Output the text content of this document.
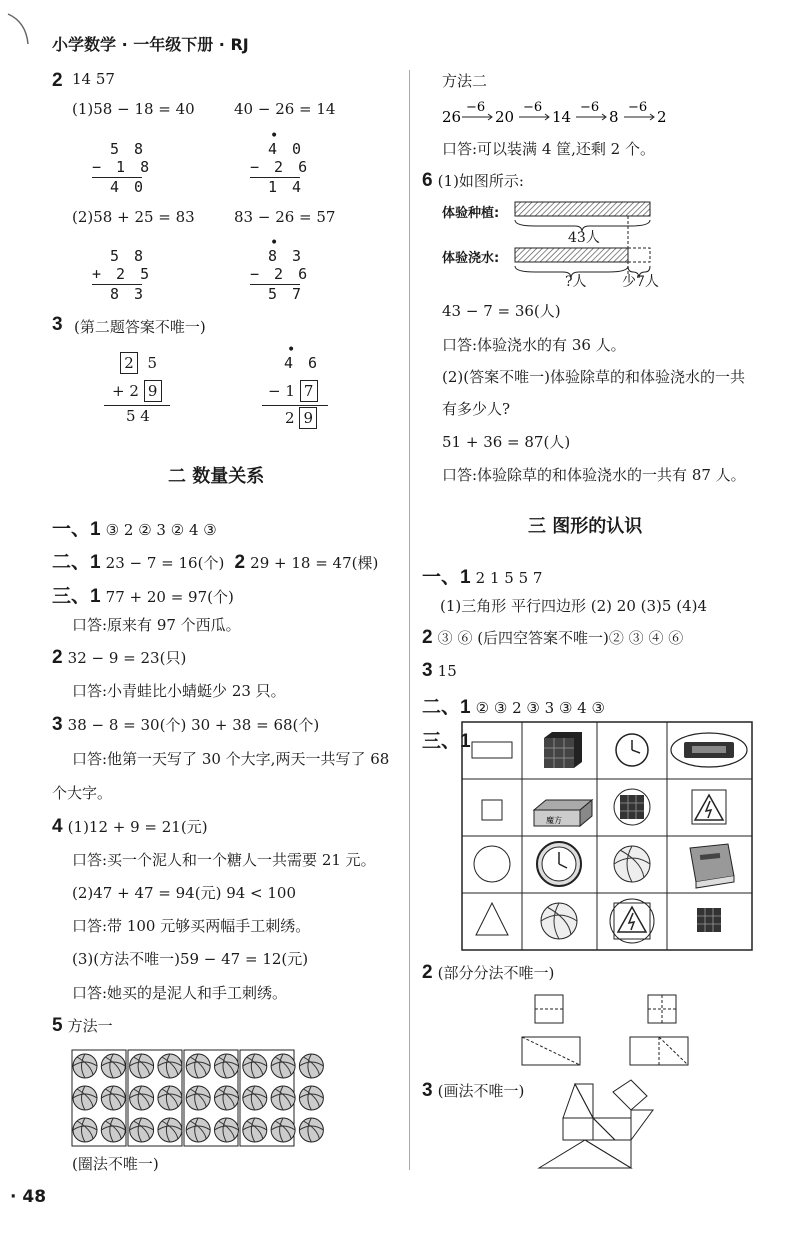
小学数学 · 一年级下册 · RJ
· 48
2 14 57
(1)58 − 18 = 40	40 − 26 = 14
5 8
− 1 8
4 0
•
4 0
− 2 6
1 4
(2)58 + 25 = 83	83 − 26 = 57
5 8
+ 2 5
8 3
•
8 3
− 2 6
5 7
3 (第二题答案不唯一)
2 5
+ 2 9
5 4
•
4 6
− 1 7
2 9
二 数量关系
一、1 ③ 2 ② 3 ② 4 ③
二、1 23 − 7 = 16(个) 2 29 + 18 = 47(棵)
三、1 77 + 20 = 97(个)
口答:原来有 97 个西瓜。
2 32 − 9 = 23(只)
口答:小青蛙比小蜻蜓少 23 只。
3 38 − 8 = 30(个) 30 + 38 = 68(个)
口答:他第一天写了 30 个大字,两天一共写了 68
个大字。
4 (1)12 + 9 = 21(元)
口答:买一个泥人和一个糖人一共需要 21 元。
(2)47 + 47 = 94(元) 94 < 100
口答:带 100 元够买两幅手工刺绣。
(3)(方法不唯一)59 − 47 = 12(元)
口答:她买的是泥人和手工刺绣。
5 方法一
(圈法不唯一)
方法二
26
−6
20
−6
14
−6
8
−6
2
口答:可以装满 4 筐,还剩 2 个。
6 (1)如图所示:
体验种植:
体验浇水:
43人
?人	少7人
43 − 7 = 36(人)
口答:体验浇水的有 36 人。
(2)(答案不唯一)体验除草的和体验浇水的一共
有多少人?
51 + 36 = 87(人)
口答:体验除草的和体验浇水的一共有 87 人。
三 图形的认识
一、1 2 1 5 5 7
(1)三角形 平行四边形 (2) 20 (3)5 (4)4
2 ③ ⑥ (后四空答案不唯一)② ③ ④ ⑥
3 15
二、1 ② ③ 2 ③ 3 ③ 4 ③
三、1
魔方
2 (部分分法不唯一)
3 (画法不唯一)
